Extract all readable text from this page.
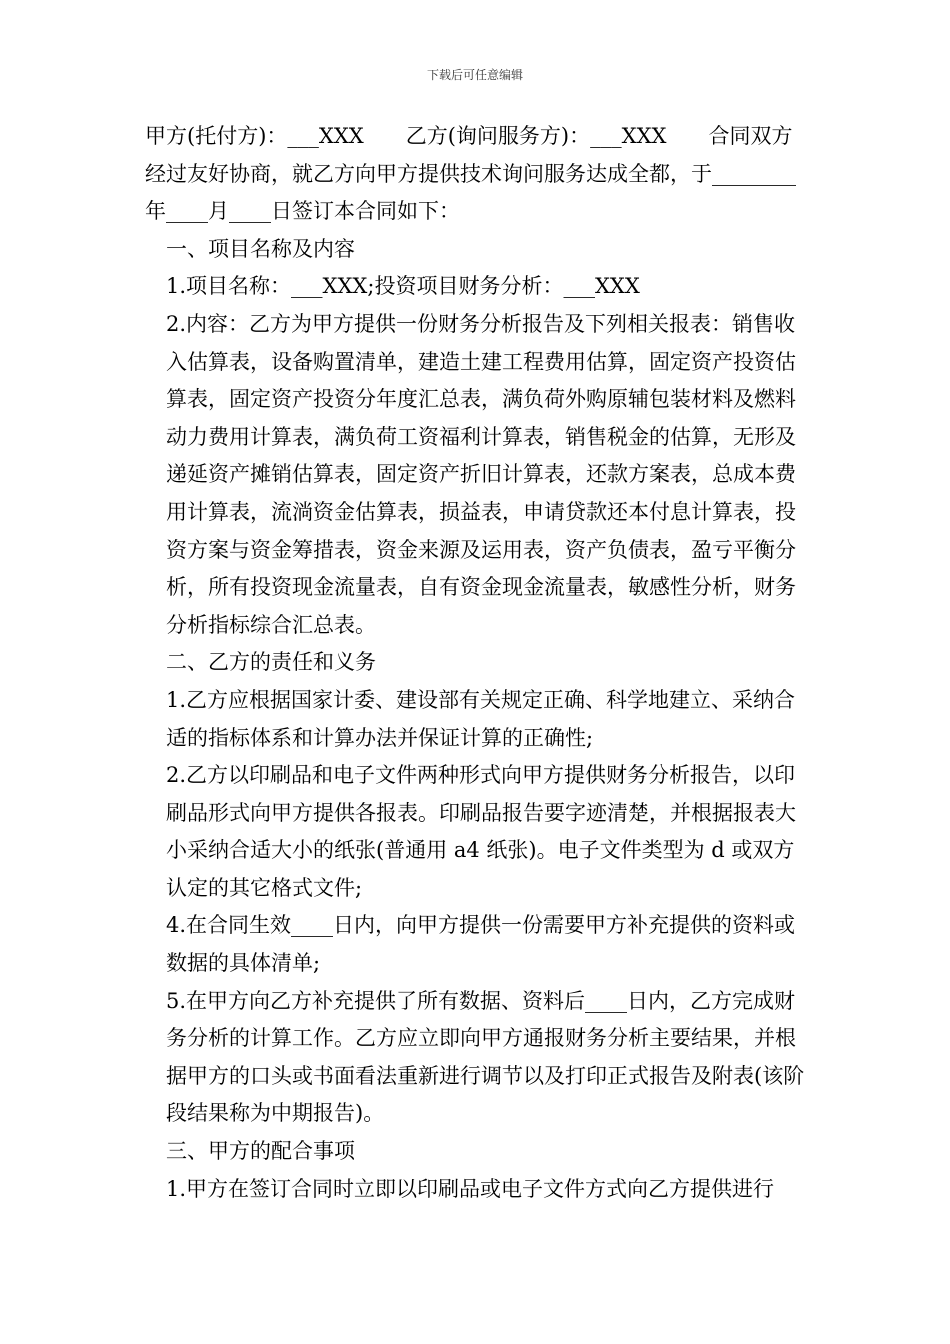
下载后可任意编辑

甲方(托付方)：___XXX　　乙方(询问服务方)：___XXX　　合同双方经过友好协商，就乙方向甲方提供技术询问服务达成全都，于________年____月____日签订本合同如下：

一、项目名称及内容

1.项目名称：___XXX;投资项目财务分析：___XXX

2.内容：乙方为甲方提供一份财务分析报告及下列相关报表：销售收入估算表，设备购置清单，建造土建工程费用估算，固定资产投资估算表，固定资产投资分年度汇总表，满负荷外购原辅包装材料及燃料动力费用计算表，满负荷工资福利计算表，销售税金的估算，无形及递延资产摊销估算表，固定资产折旧计算表，还款方案表，总成本费用计算表，流淌资金估算表，损益表，申请贷款还本付息计算表，投资方案与资金筹措表，资金来源及运用表，资产负债表，盈亏平衡分析，所有投资现金流量表，自有资金现金流量表，敏感性分析，财务分析指标综合汇总表。

二、乙方的责任和义务

1.乙方应根据国家计委、建设部有关规定正确、科学地建立、采纳合适的指标体系和计算办法并保证计算的正确性;

2.乙方以印刷品和电子文件两种形式向甲方提供财务分析报告，以印刷品形式向甲方提供各报表。印刷品报告要字迹清楚，并根据报表大小采纳合适大小的纸张(普通用 a4 纸张)。电子文件类型为 d 或双方认定的其它格式文件;

4.在合同生效____日内，向甲方提供一份需要甲方补充提供的资料或数据的具体清单;

5.在甲方向乙方补充提供了所有数据、资料后____日内，乙方完成财务分析的计算工作。乙方应立即向甲方通报财务分析主要结果，并根据甲方的口头或书面看法重新进行调节以及打印正式报告及附表(该阶段结果称为中期报告)。

三、甲方的配合事项

1.甲方在签订合同时立即以印刷品或电子文件方式向乙方提供进行
